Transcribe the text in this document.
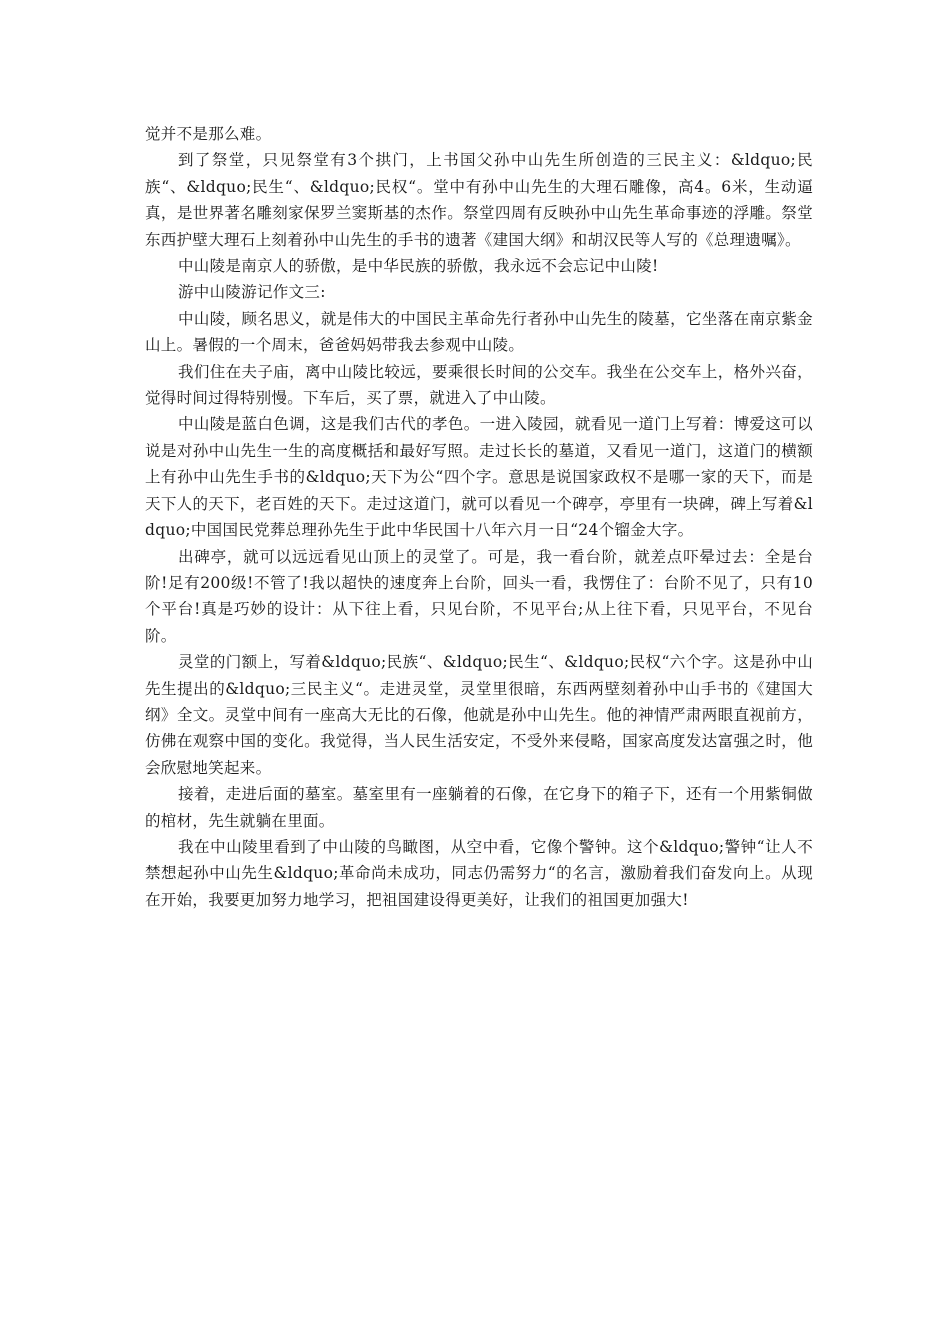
觉并不是那么难。

到了祭堂，只见祭堂有3个拱门，上书国父孙中山先生所创造的三民主义：&ldquo;民族“、&ldquo;民生“、&ldquo;民权“。堂中有孙中山先生的大理石雕像，高4。6米，生动逼真，是世界著名雕刻家保罗兰窦斯基的杰作。祭堂四周有反映孙中山先生革命事迹的浮雕。祭堂东西护壁大理石上刻着孙中山先生的手书的遗著《建国大纲》和胡汉民等人写的《总理遗嘱》。

中山陵是南京人的骄傲，是中华民族的骄傲，我永远不会忘记中山陵!

游中山陵游记作文三:

中山陵，顾名思义，就是伟大的中国民主革命先行者孙中山先生的陵墓，它坐落在南京紫金山上。暑假的一个周末，爸爸妈妈带我去参观中山陵。

我们住在夫子庙，离中山陵比较远，要乘很长时间的公交车。我坐在公交车上，格外兴奋，觉得时间过得特别慢。下车后，买了票，就进入了中山陵。

中山陵是蓝白色调，这是我们古代的孝色。一进入陵园，就看见一道门上写着：博爱这可以说是对孙中山先生一生的高度概括和最好写照。走过长长的墓道，又看见一道门，这道门的横额上有孙中山先生手书的&ldquo;天下为公“四个字。意思是说国家政权不是哪一家的天下，而是天下人的天下，老百姓的天下。走过这道门，就可以看见一个碑亭，亭里有一块碑，碑上写着&ldquo;中国国民党葬总理孙先生于此中华民国十八年六月一日“24个镏金大字。

出碑亭，就可以远远看见山顶上的灵堂了。可是，我一看台阶，就差点吓晕过去：全是台阶!足有200级!不管了!我以超快的速度奔上台阶，回头一看，我愣住了：台阶不见了，只有10个平台!真是巧妙的设计：从下往上看，只见台阶，不见平台;从上往下看，只见平台，不见台阶。

灵堂的门额上，写着&ldquo;民族“、&ldquo;民生“、&ldquo;民权“六个字。这是孙中山先生提出的&ldquo;三民主义“。走进灵堂，灵堂里很暗，东西两壁刻着孙中山手书的《建国大纲》全文。灵堂中间有一座高大无比的石像，他就是孙中山先生。他的神情严肃两眼直视前方，仿佛在观察中国的变化。我觉得，当人民生活安定，不受外来侵略，国家高度发达富强之时，他会欣慰地笑起来。

接着，走进后面的墓室。墓室里有一座躺着的石像，在它身下的箱子下，还有一个用紫铜做的棺材，先生就躺在里面。

我在中山陵里看到了中山陵的鸟瞰图，从空中看，它像个警钟。这个&ldquo;警钟“让人不禁想起孙中山先生&ldquo;革命尚未成功，同志仍需努力“的名言，激励着我们奋发向上。从现在开始，我要更加努力地学习，把祖国建设得更美好，让我们的祖国更加强大!
